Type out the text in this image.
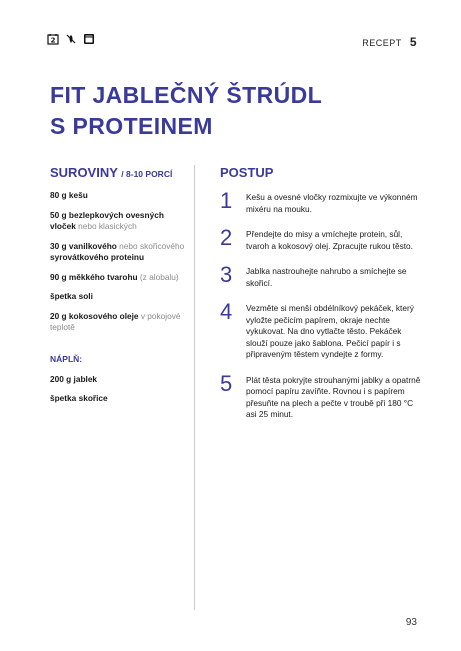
2	RECEPT 5
FIT JABLEČNÝ ŠTRÚDL
S PROTEINEM
SUROVINY / 8-10 PORCÍ
80 g kešu
50 g bezlepkových ovesných vloček nebo klasických
30 g vanilkového nebo skořicového syrovátkového proteinu
90 g měkkého tvarohu (z alobalu)
špetka soli
20 g kokosového oleje v pokojové teplotě
NÁPLŇ:
200 g jablek
špetka skořice
POSTUP
1	Kešu a ovesné vločky rozmixujte ve výkonném mixéru na mouku.
2	Přendejte do misy a vmíchejte protein, sůl, tvaroh a kokosový olej. Zpracujte rukou těsto.
3	Jablka nastrouhejte nahrubo a smíchejte se skořicí.
4	Vezměte si menší obdélníkový pekáček, který vyložte pečicím papírem, okraje nechte vykukovat. Na dno vytlačte těsto. Pekáček slouží pouze jako šablona. Pečicí papír i s připraveným těstem vyndejte z formy.
5	Plát těsta pokryjte strouhanými jablky a opatrně pomocí papíru zavíňte. Rovnou i s papírem přesuňte na plech a pečte v troubě při 180 °C asi 25 minut.
93
